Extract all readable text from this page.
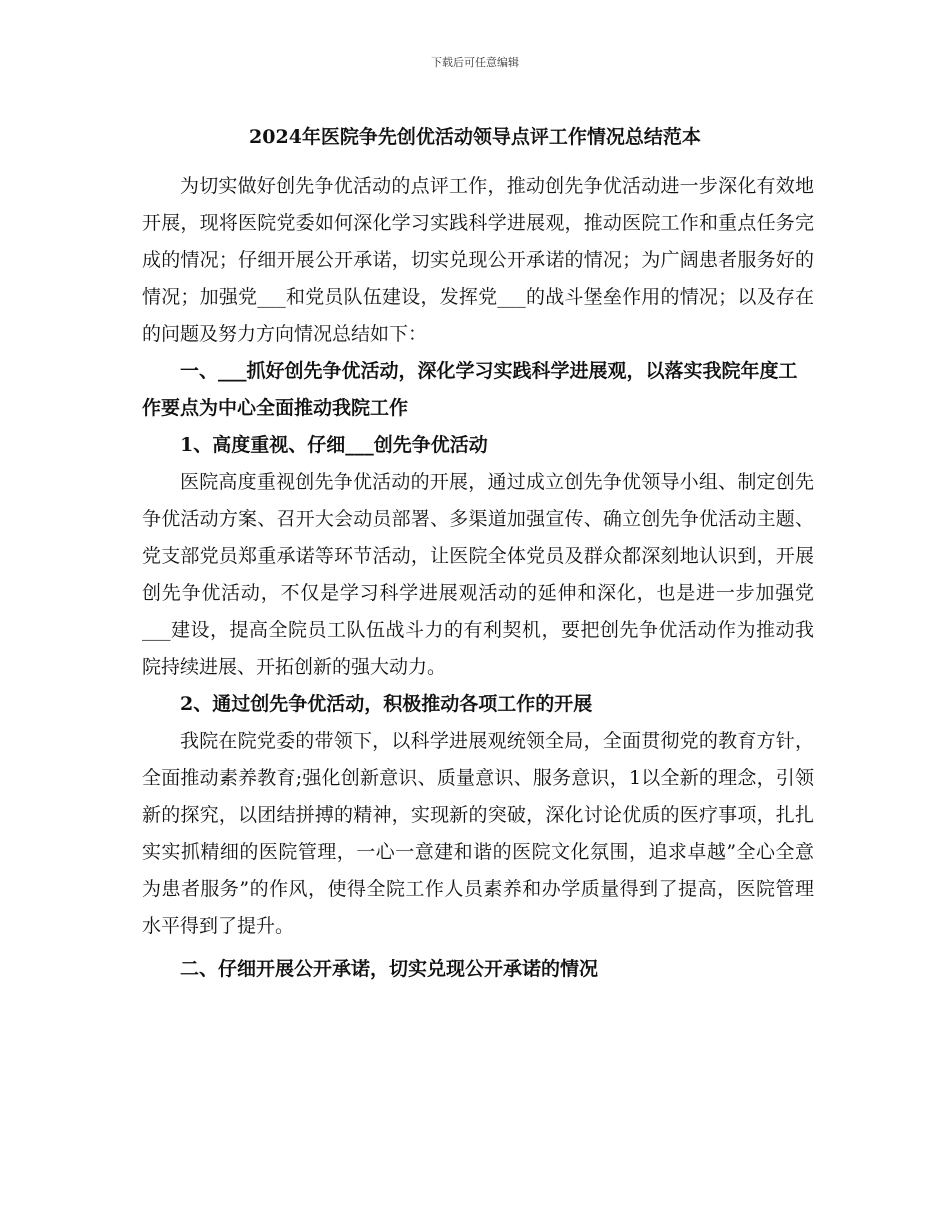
下载后可任意编辑
2024年医院争先创优活动领导点评工作情况总结范本

为切实做好创先争优活动的点评工作，推动创先争优活动进一步深化有效地开展，现将医院党委如何深化学习实践科学进展观，推动医院工作和重点任务完成的情况；仔细开展公开承诺，切实兑现公开承诺的情况；为广阔患者服务好的情况；加强党___和党员队伍建设，发挥党___的战斗堡垒作用的情况；以及存在的问题及努力方向情况总结如下：

一、___抓好创先争优活动，深化学习实践科学进展观，以落实我院年度工作要点为中心全面推动我院工作

1、高度重视、仔细___创先争优活动

医院高度重视创先争优活动的开展，通过成立创先争优领导小组、制定创先争优活动方案、召开大会动员部署、多渠道加强宣传、确立创先争优活动主题、党支部党员郑重承诺等环节活动，让医院全体党员及群众都深刻地认识到，开展创先争优活动，不仅是学习科学进展观活动的延伸和深化，也是进一步加强党___建设，提高全院员工队伍战斗力的有利契机，要把创先争优活动作为推动我院持续进展、开拓创新的强大动力。

2、通过创先争优活动，积极推动各项工作的开展

我院在院党委的带领下，以科学进展观统领全局，全面贯彻党的教育方针，全面推动素养教育;强化创新意识、质量意识、服务意识，1以全新的理念，引领新的探究，以团结拼搏的精神，实现新的突破，深化讨论优质的医疗事项，扎扎实实抓精细的医院管理，一心一意建和谐的医院文化氛围，追求卓越”全心全意为患者服务”的作风，使得全院工作人员素养和办学质量得到了提高，医院管理水平得到了提升。

二、仔细开展公开承诺，切实兑现公开承诺的情况
